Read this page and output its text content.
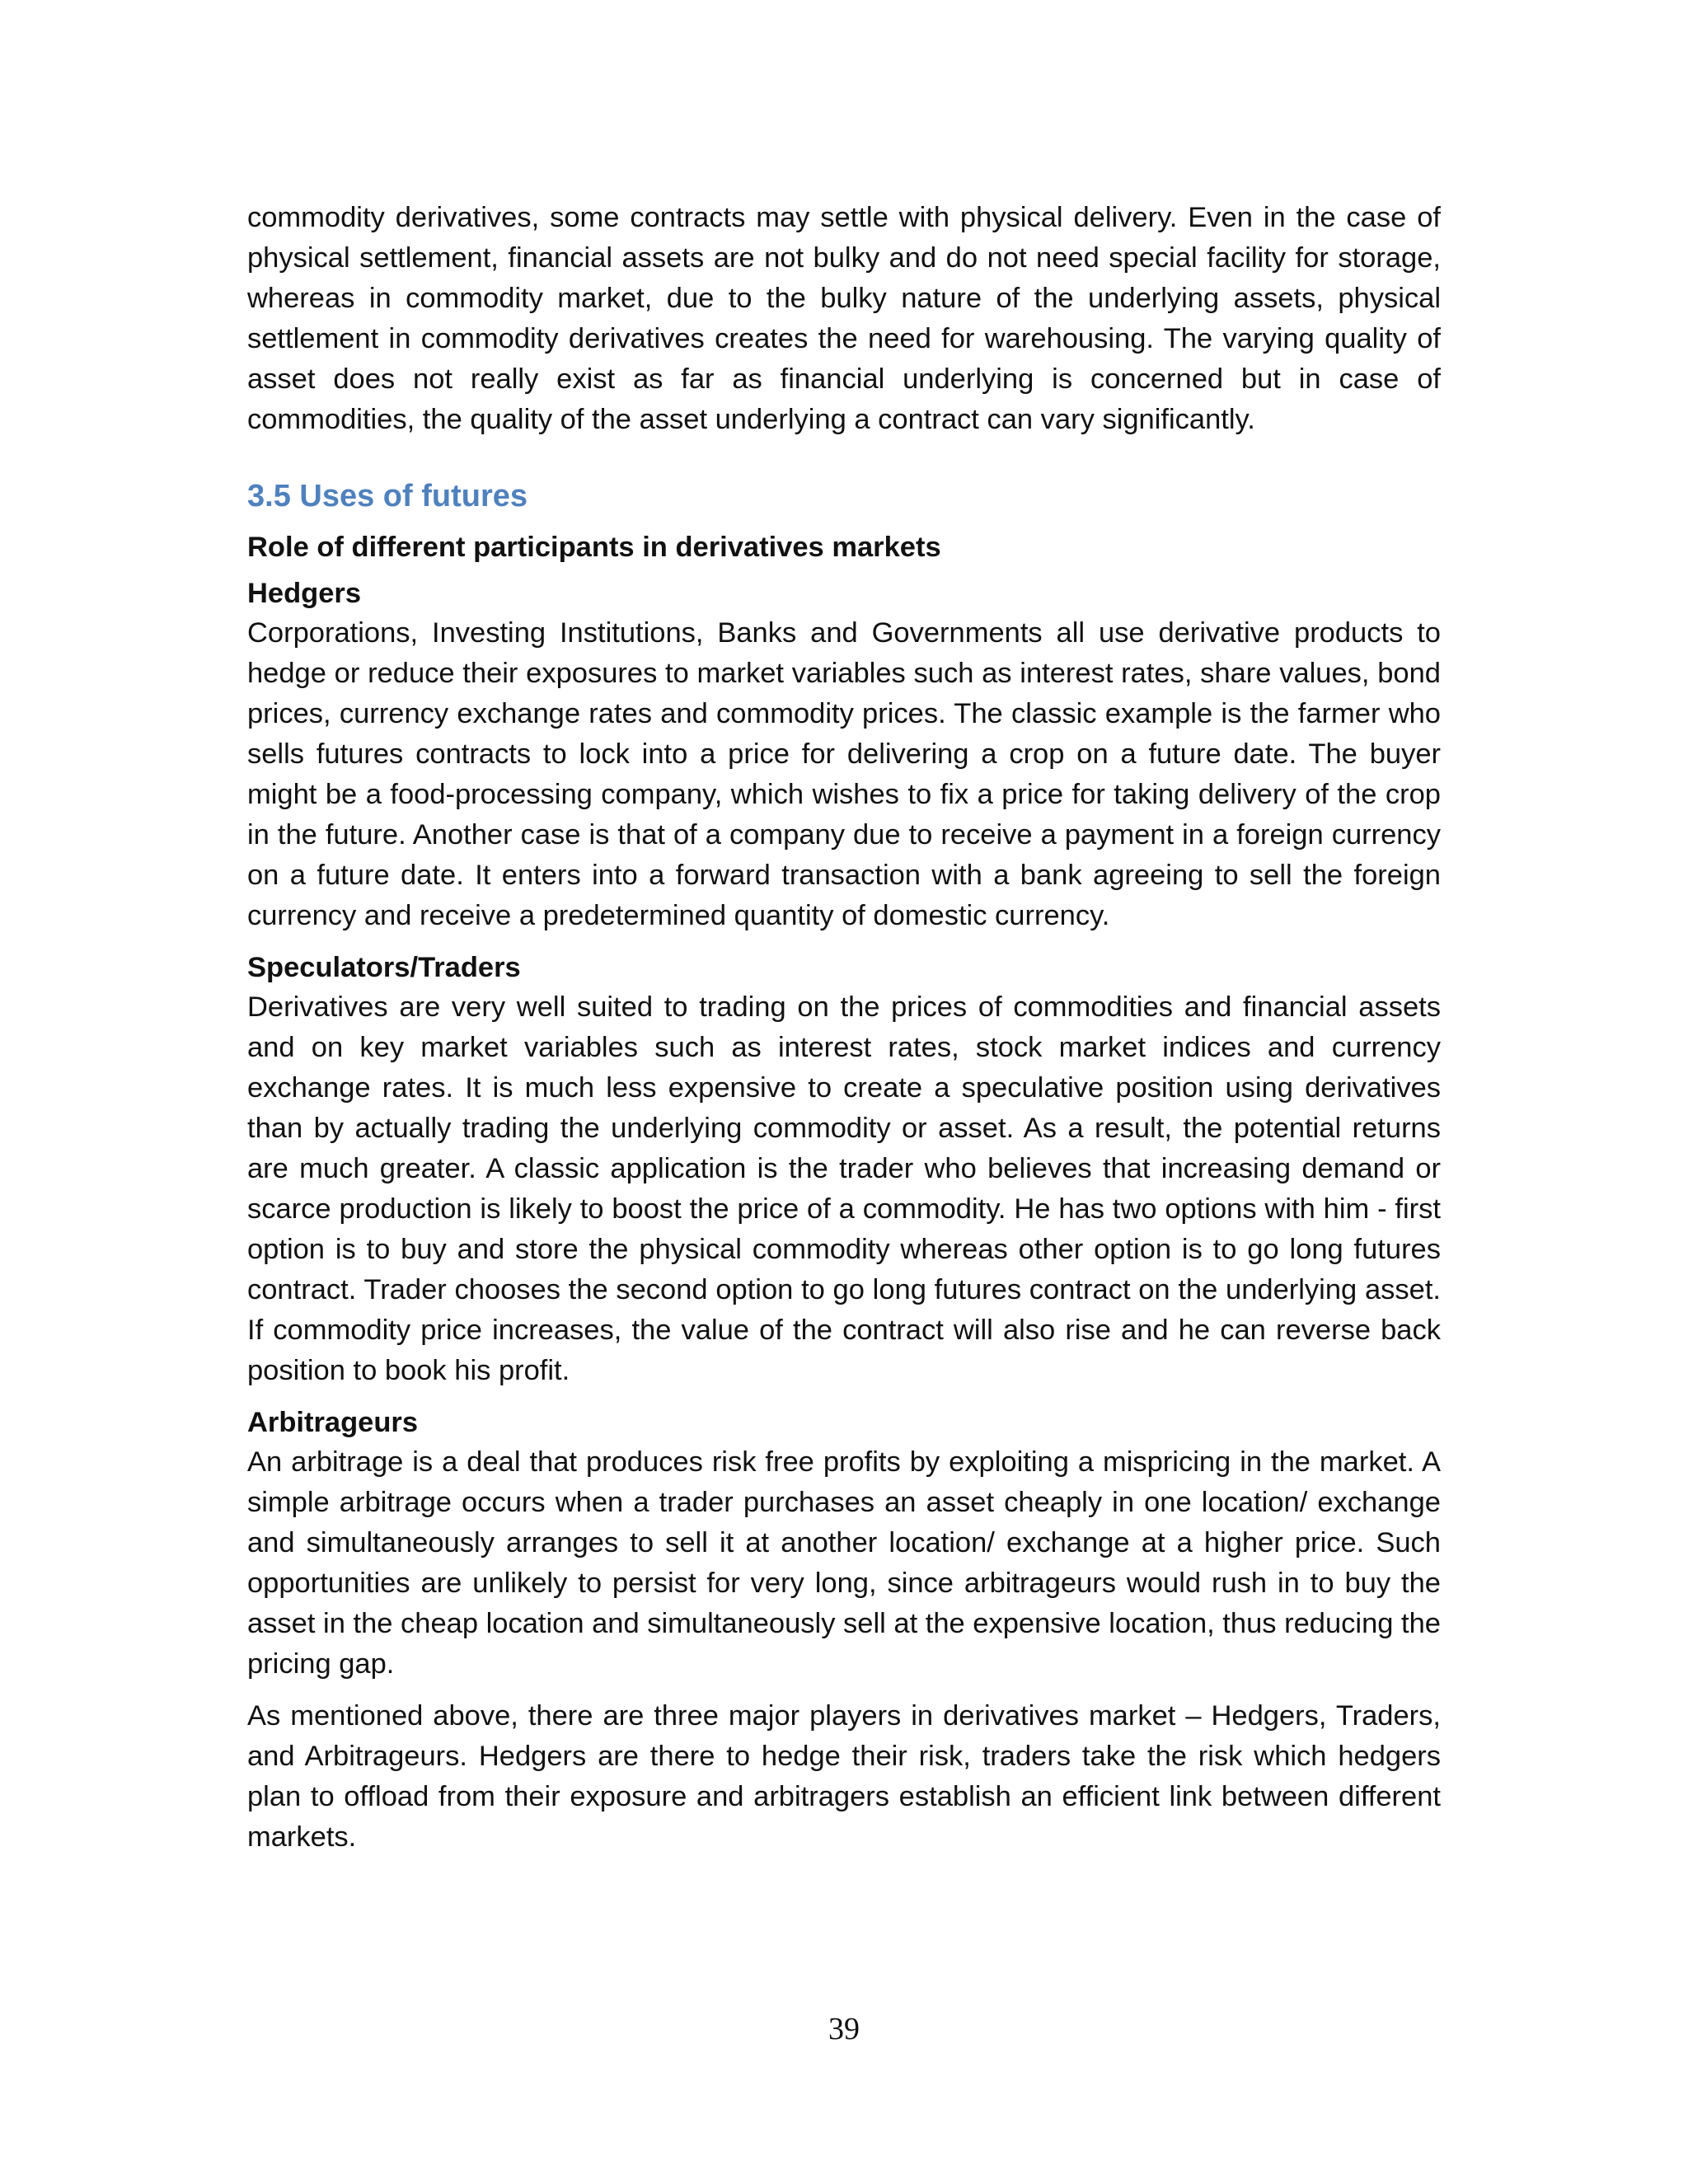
commodity derivatives, some contracts may settle with physical delivery. Even in the case of physical settlement, financial assets are not bulky and do not need special facility for storage, whereas in commodity market, due to the bulky nature of the underlying assets, physical settlement in commodity derivatives creates the need for warehousing. The varying quality of asset does not really exist as far as financial underlying is concerned but in case of commodities, the quality of the asset underlying a contract can vary significantly.

3.5 Uses of futures
Role of different participants in derivatives markets
Hedgers

Corporations, Investing Institutions, Banks and Governments all use derivative products to hedge or reduce their exposures to market variables such as interest rates, share values, bond prices, currency exchange rates and commodity prices. The classic example is the farmer who sells futures contracts to lock into a price for delivering a crop on a future date. The buyer might be a food-processing company, which wishes to fix a price for taking delivery of the crop in the future. Another case is that of a company due to receive a payment in a foreign currency on a future date. It enters into a forward transaction with a bank agreeing to sell the foreign currency and receive a predetermined quantity of domestic currency.

Speculators/Traders

Derivatives are very well suited to trading on the prices of commodities and financial assets and on key market variables such as interest rates, stock market indices and currency exchange rates. It is much less expensive to create a speculative position using derivatives than by actually trading the underlying commodity or asset. As a result, the potential returns are much greater. A classic application is the trader who believes that increasing demand or scarce production is likely to boost the price of a commodity. He has two options with him - first option is to buy and store the physical commodity whereas other option is to go long futures contract. Trader chooses the second option to go long futures contract on the underlying asset. If commodity price increases, the value of the contract will also rise and he can reverse back position to book his profit.

Arbitrageurs

An arbitrage is a deal that produces risk free profits by exploiting a mispricing in the market. A simple arbitrage occurs when a trader purchases an asset cheaply in one location/ exchange and simultaneously arranges to sell it at another location/ exchange at a higher price. Such opportunities are unlikely to persist for very long, since arbitrageurs would rush in to buy the asset in the cheap location and simultaneously sell at the expensive location, thus reducing the pricing gap.

As mentioned above, there are three major players in derivatives market – Hedgers, Traders, and Arbitrageurs. Hedgers are there to hedge their risk, traders take the risk which hedgers plan to offload from their exposure and arbitragers establish an efficient link between different markets.

39
